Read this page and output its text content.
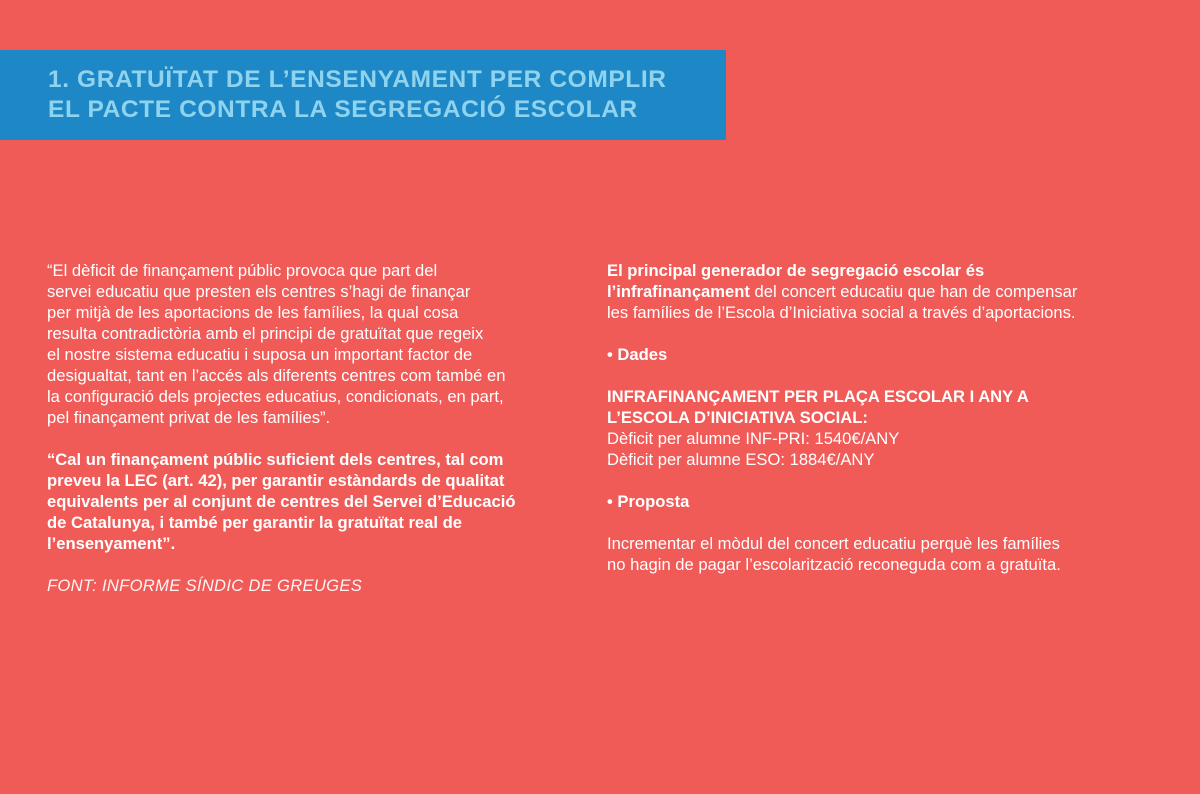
1. GRATUÏTAT DE L’ENSENYAMENT PER COMPLIR
EL PACTE CONTRA LA SEGREGACIÓ ESCOLAR

“El dèficit de finançament públic provoca que part del
servei educatiu que presten els centres s’hagi de finançar
per mitjà de les aportacions de les famílies, la qual cosa
resulta contradictòria amb el principi de gratuïtat que regeix
el nostre sistema educatiu i suposa un important factor de
desigualtat, tant en l’accés als diferents centres com també en
la configuració dels projectes educatius, condicionats, en part,
pel finançament privat de les famílies”.

“Cal un finançament públic suficient dels centres, tal com
preveu la LEC (art. 42), per garantir estàndards de qualitat
equivalents per al conjunt de centres del Servei d’Educació
de Catalunya, i també per garantir la gratuïtat real de
l’ensenyament”.

FONT: INFORME SÍNDIC DE GREUGES

El principal generador de segregació escolar és
l’infrafinançament del concert educatiu que han de compensar
les famílies de l’Escola d’Iniciativa social a través d’aportacions.

• Dades

INFRAFINANÇAMENT PER PLAÇA ESCOLAR I ANY A
L’ESCOLA D’INICIATIVA SOCIAL:

Dèficit per alumne INF-PRI: 1540€/ANY

Dèficit per alumne ESO: 1884€/ANY

• Proposta

Incrementar el mòdul del concert educatiu perquè les famílies
no hagin de pagar l’escolarització reconeguda com a gratuïta.
